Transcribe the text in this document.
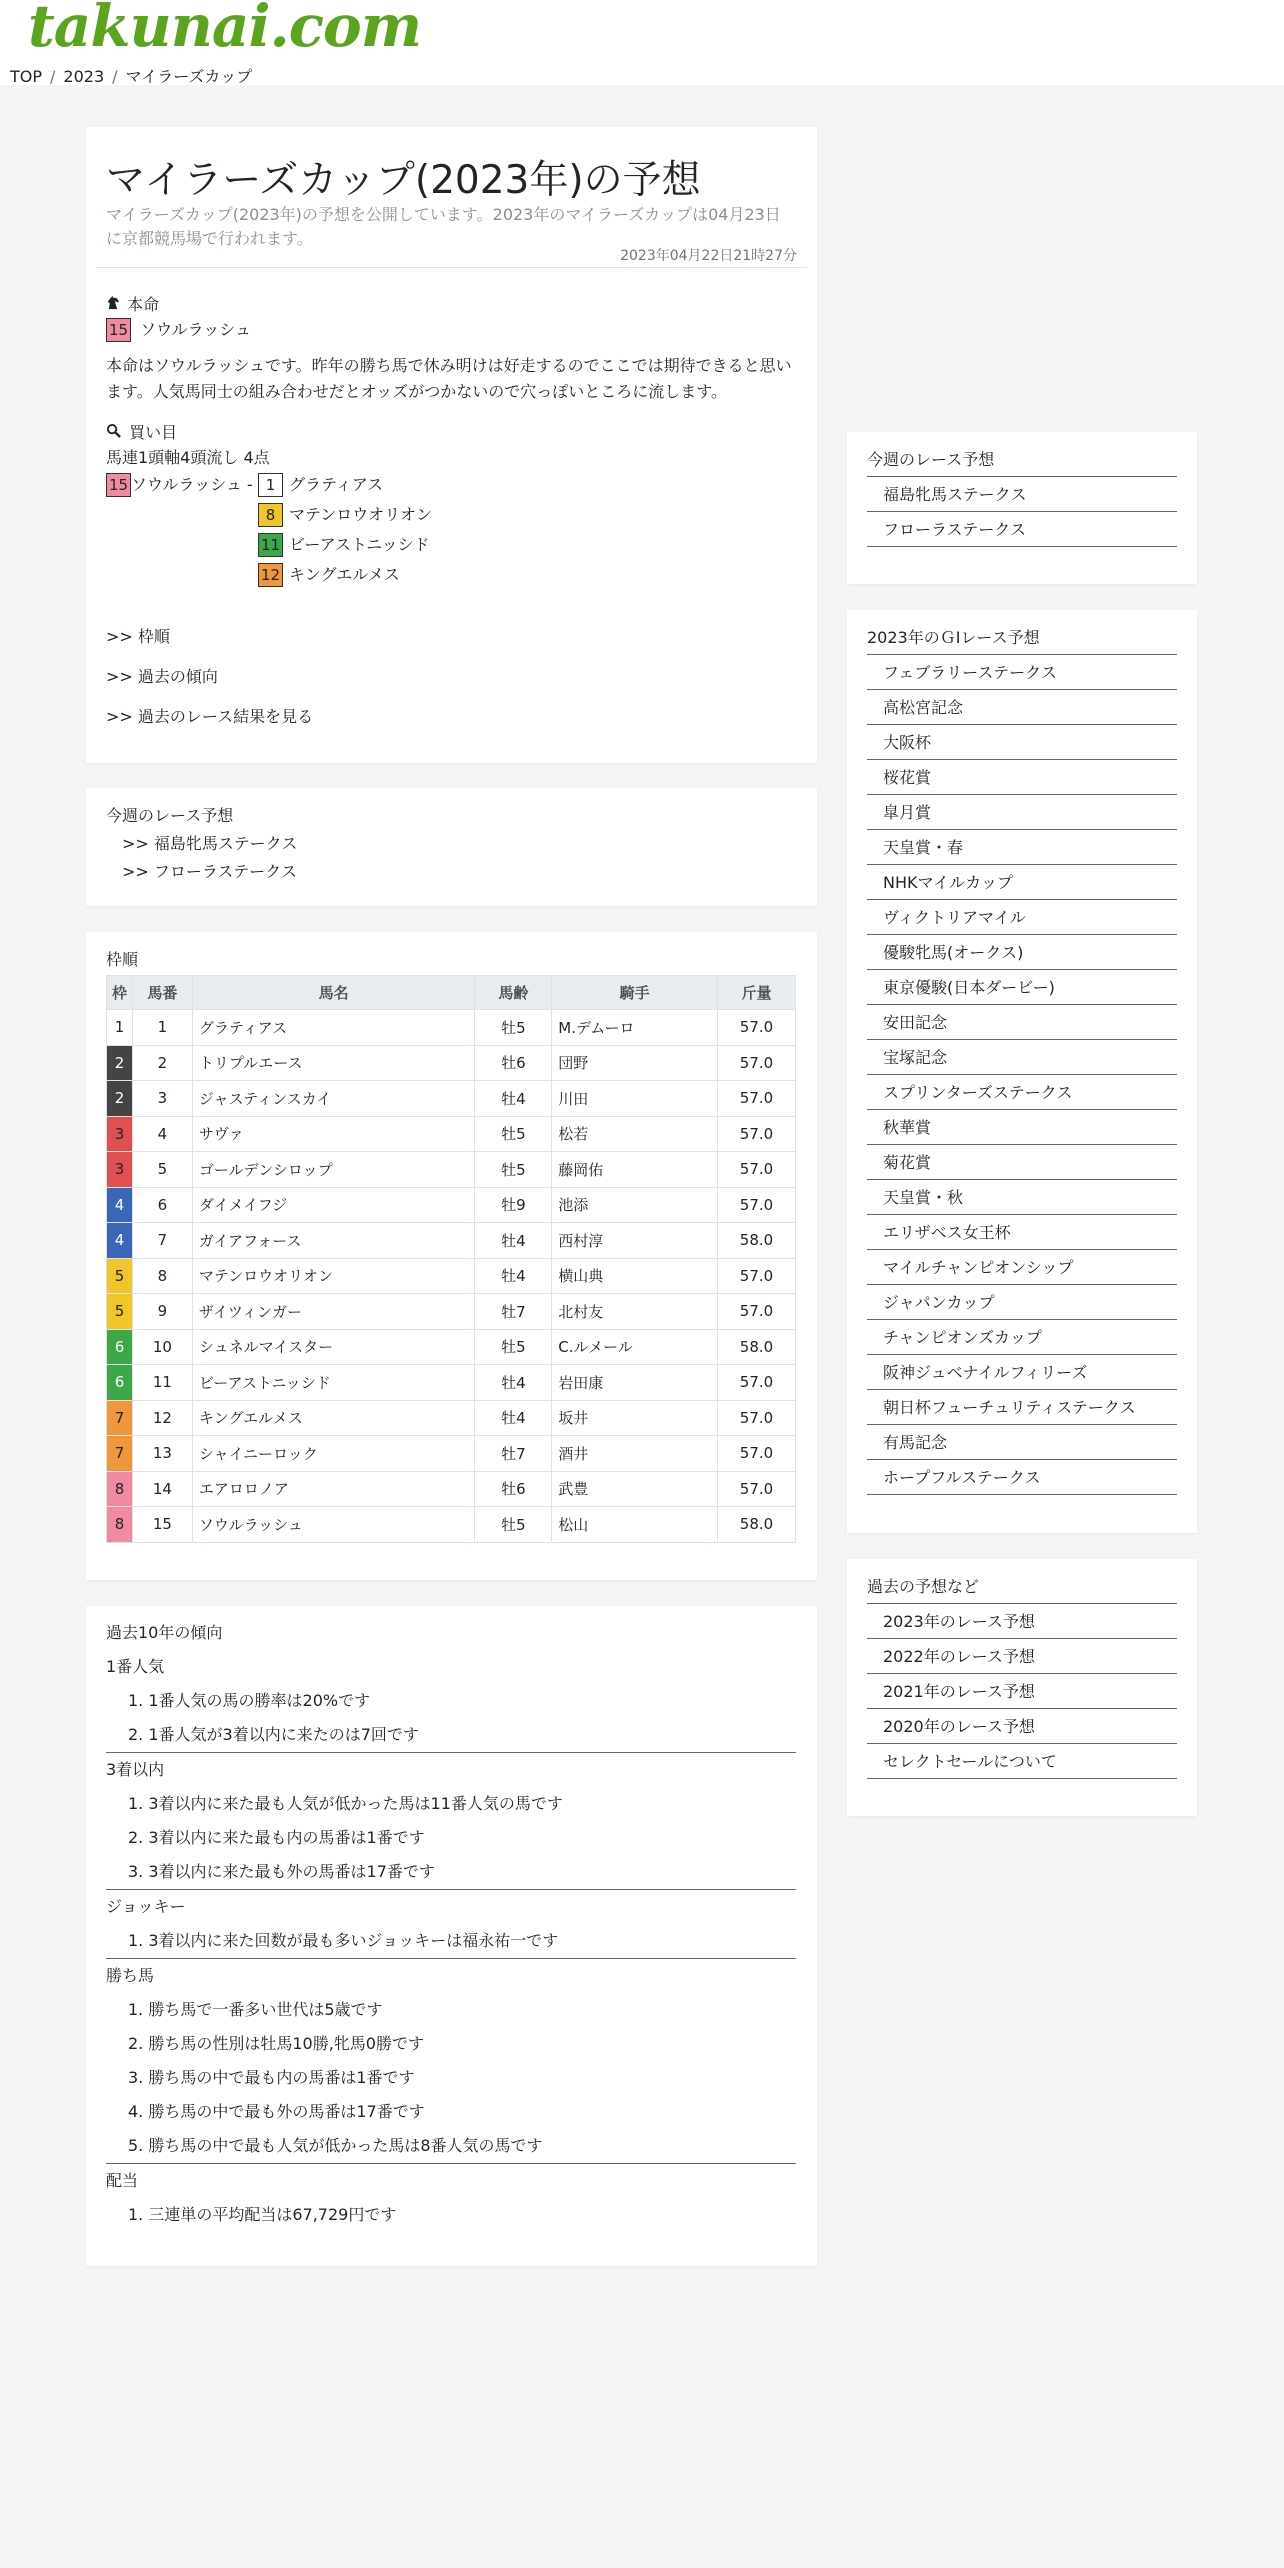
takunai.com
TOP / 2023 / マイラーズカップ
マイラーズカップ(2023年)の予想
マイラーズカップ(2023年)の予想を公開しています。2023年のマイラーズカップは04月23日に京都競馬場で行われます。
2023年04月22日21時27分
本命
15 ソウルラッシュ
本命はソウルラッシュです。昨年の勝ち馬で休み明けは好走するのでここでは期待できると思います。人気馬同士の組み合わせだとオッズがつかないので穴っぽいところに流します。
買い目
馬連1頭軸4頭流し 4点
15 ソウルラッシュ - 1 グラティアス
8 マテンロウオリオン
11 ビーアストニッシド
12 キングエルメス
>> 枠順
>> 過去の傾向
>> 過去のレース結果を見る
今週のレース予想
>> 福島牝馬ステークス
>> フローラステークス
枠順
枠	馬番	馬名	馬齢	騎手	斤量
1	1	グラティアス	牡5	M.デムーロ	57.0
2	2	トリプルエース	牡6	団野	57.0
2	3	ジャスティンスカイ	牡4	川田	57.0
3	4	サヴァ	牡5	松若	57.0
3	5	ゴールデンシロップ	牡5	藤岡佑	57.0
4	6	ダイメイフジ	牡9	池添	57.0
4	7	ガイアフォース	牡4	西村淳	58.0
5	8	マテンロウオリオン	牡4	横山典	57.0
5	9	ザイツィンガー	牡7	北村友	57.0
6	10	シュネルマイスター	牡5	C.ルメール	58.0
6	11	ビーアストニッシド	牡4	岩田康	57.0
7	12	キングエルメス	牡4	坂井	57.0
7	13	シャイニーロック	牡7	酒井	57.0
8	14	エアロロノア	牡6	武豊	57.0
8	15	ソウルラッシュ	牡5	松山	58.0
過去10年の傾向
1番人気
1. 1番人気の馬の勝率は20%です
2. 1番人気が3着以内に来たのは7回です
3着以内
1. 3着以内に来た最も人気が低かった馬は11番人気の馬です
2. 3着以内に来た最も内の馬番は1番です
3. 3着以内に来た最も外の馬番は17番です
ジョッキー
1. 3着以内に来た回数が最も多いジョッキーは福永祐一です
勝ち馬
1. 勝ち馬で一番多い世代は5歳です
2. 勝ち馬の性別は牡馬10勝,牝馬0勝です
3. 勝ち馬の中で最も内の馬番は1番です
4. 勝ち馬の中で最も外の馬番は17番です
5. 勝ち馬の中で最も人気が低かった馬は8番人気の馬です
配当
1. 三連単の平均配当は67,729円です
今週のレース予想
福島牝馬ステークス
フローラステークス
2023年のＧⅠレース予想
フェブラリーステークス
高松宮記念
大阪杯
桜花賞
皐月賞
天皇賞・春
NHKマイルカップ
ヴィクトリアマイル
優駿牝馬(オークス)
東京優駿(日本ダービー)
安田記念
宝塚記念
スプリンターズステークス
秋華賞
菊花賞
天皇賞・秋
エリザベス女王杯
マイルチャンピオンシップ
ジャパンカップ
チャンピオンズカップ
阪神ジュベナイルフィリーズ
朝日杯フューチュリティステークス
有馬記念
ホープフルステークス
過去の予想など
2023年のレース予想
2022年のレース予想
2021年のレース予想
2020年のレース予想
セレクトセールについて
